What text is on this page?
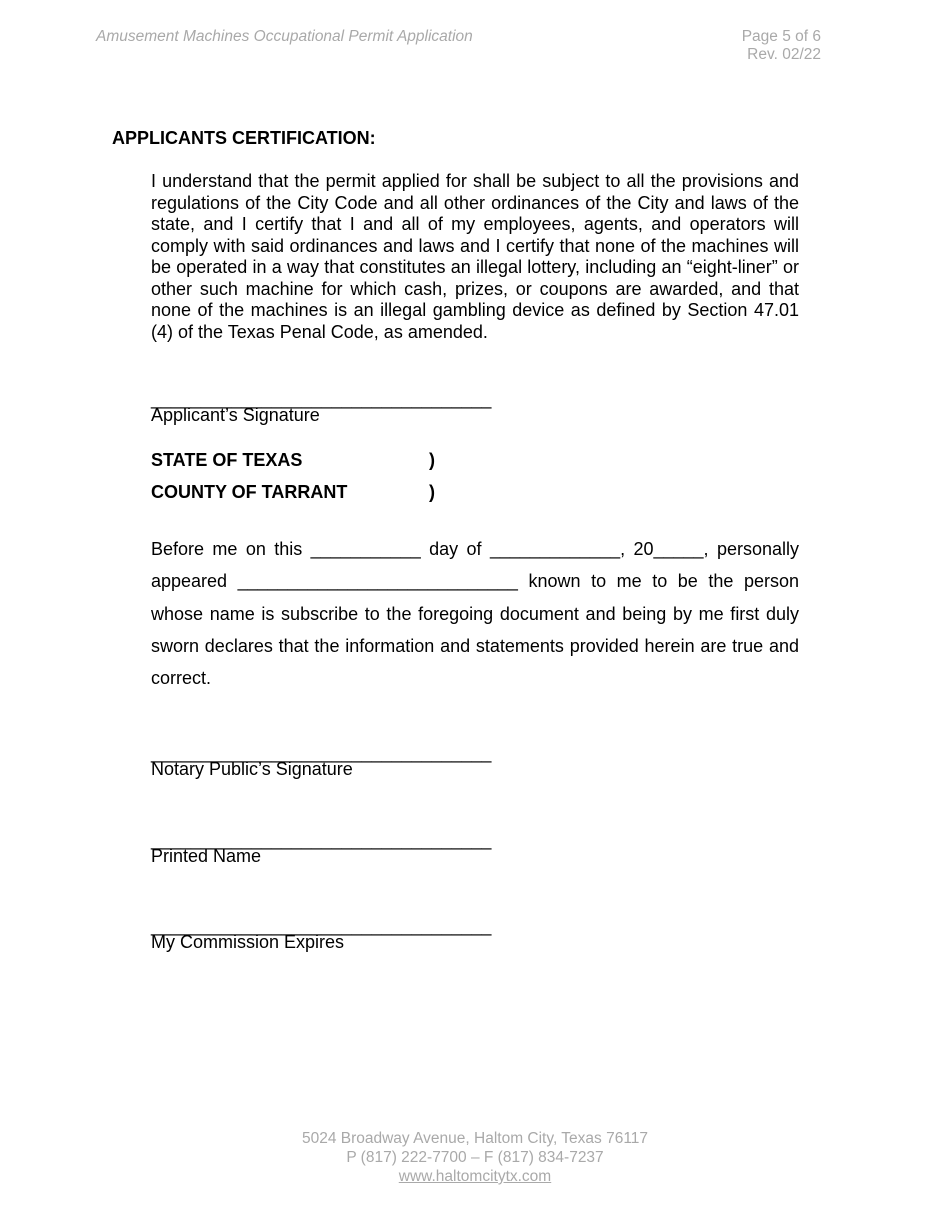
Amusement Machines Occupational Permit Application	Page 5 of 6
Rev. 02/22
APPLICANTS CERTIFICATION:
I understand that the permit applied for shall be subject to all the provisions and regulations of the City Code and all other ordinances of the City and laws of the state, and I certify that I and all of my employees, agents, and operators will comply with said ordinances and laws and I certify that none of the machines will be operated in a way that constitutes an illegal lottery, including an “eight-liner” or other such machine for which cash, prizes, or coupons are awarded, and that none of the machines is an illegal gambling device as defined by Section 47.01 (4) of the Texas Penal Code, as amended.
__________________________________
Applicant’s Signature
STATE OF TEXAS	)
COUNTY OF TARRANT	)
Before me on this ___________ day of _____________, 20_____, personally appeared ____________________________ known to me to be the person whose name is subscribe to the foregoing document and being by me first duly sworn declares that the information and statements provided herein are true and correct.
__________________________________
Notary Public’s Signature
__________________________________
Printed Name
__________________________________
My Commission Expires
5024 Broadway Avenue, Haltom City, Texas 76117
P (817) 222-7700 – F (817) 834-7237
www.haltomcitytx.com
